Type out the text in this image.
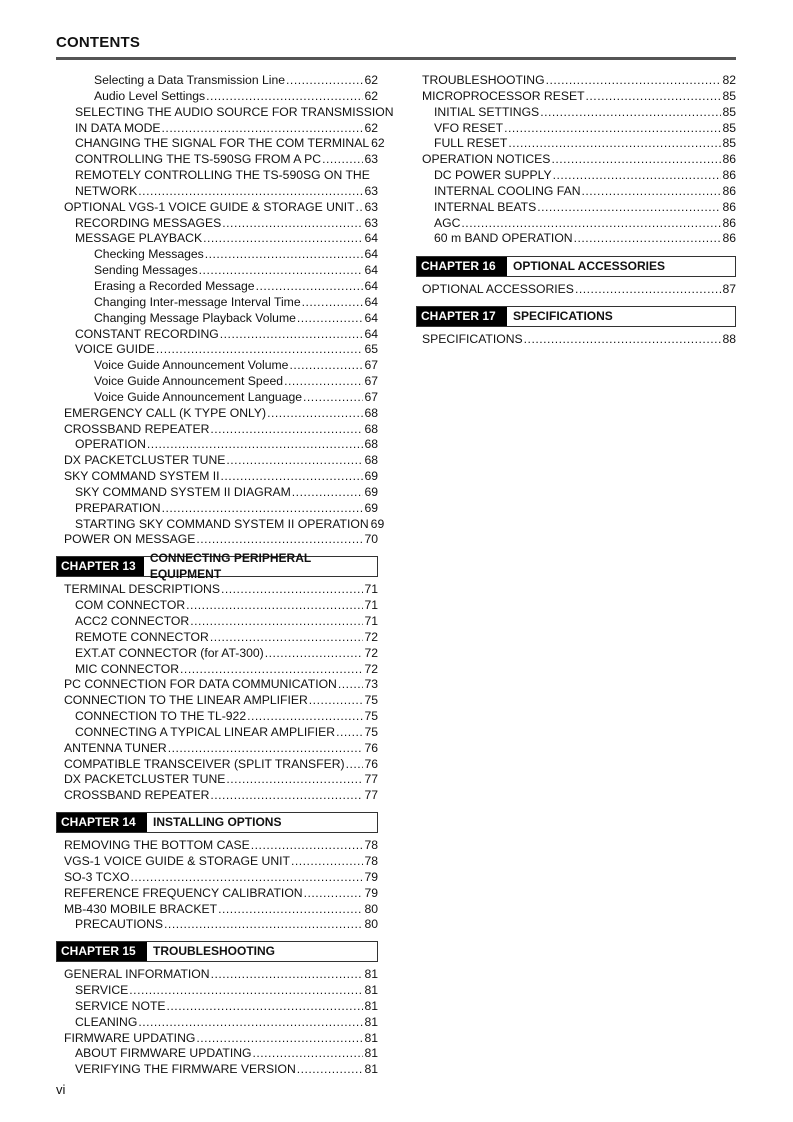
CONTENTS
Selecting a Data Transmission Line .....	62
Audio Level Settings .....	62
SELECTING THE AUDIO SOURCE FOR TRANSMISSION
IN DATA MODE .....	62
CHANGING THE SIGNAL FOR THE COM TERMINAL 62
CONTROLLING THE TS-590SG FROM A PC .....	63
REMOTELY CONTROLLING THE TS-590SG ON THE
NETWORK .....	63
OPTIONAL VGS-1 VOICE GUIDE & STORAGE UNIT ..... 63
RECORDING MESSAGES .....	63
MESSAGE PLAYBACK .....	64
Checking Messages .....	64
Sending Messages .....	64
Erasing a Recorded Message .....	64
Changing Inter-message Interval Time .....	64
Changing Message Playback Volume .....	64
CONSTANT RECORDING .....	64
VOICE GUIDE .....	65
Voice Guide Announcement Volume .....	67
Voice Guide Announcement Speed .....	67
Voice Guide Announcement Language .....	67
EMERGENCY CALL (K TYPE ONLY) .....	68
CROSSBAND REPEATER .....	68
OPERATION .....	68
DX PACKETCLUSTER TUNE .....	68
SKY COMMAND SYSTEM II .....	69
SKY COMMAND SYSTEM II DIAGRAM .....	69
PREPARATION .....	69
STARTING SKY COMMAND SYSTEM II OPERATION 69
POWER ON MESSAGE .....	70
CHAPTER 13
CONNECTING PERIPHERAL EQUIPMENT
TERMINAL DESCRIPTIONS .....	71
COM CONNECTOR .....	71
ACC2 CONNECTOR .....	71
REMOTE CONNECTOR .....	72
EXT.AT CONNECTOR (for AT-300) .....	72
MIC CONNECTOR .....	72
PC CONNECTION FOR DATA COMMUNICATION ..... 73
CONNECTION TO THE LINEAR AMPLIFIER .....	75
CONNECTION TO THE TL-922 .....	75
CONNECTING A TYPICAL LINEAR AMPLIFIER ..... 75
ANTENNA TUNER .....	76
COMPATIBLE TRANSCEIVER (SPLIT TRANSFER) ..... 76
DX PACKETCLUSTER TUNE .....	77
CROSSBAND REPEATER .....	77
CHAPTER 14	INSTALLING OPTIONS
REMOVING THE BOTTOM CASE .....	78
VGS-1 VOICE GUIDE & STORAGE UNIT .....	78
SO-3 TCXO .....	79
REFERENCE FREQUENCY CALIBRATION .....	79
MB-430 MOBILE BRACKET .....	80
PRECAUTIONS .....	80
CHAPTER 15	TROUBLESHOOTING
GENERAL INFORMATION .....	81
SERVICE .....	81
SERVICE NOTE .....	81
CLEANING .....	81
FIRMWARE UPDATING .....	81
ABOUT FIRMWARE UPDATING .....	81
VERIFYING THE FIRMWARE VERSION .....	81
TROUBLESHOOTING .....	82
MICROPROCESSOR RESET .....	85
INITIAL SETTINGS .....	85
VFO RESET .....	85
FULL RESET .....	85
OPERATION NOTICES .....	86
DC POWER SUPPLY .....	86
INTERNAL COOLING FAN .....	86
INTERNAL BEATS .....	86
AGC .....	86
60 m BAND OPERATION .....	86
CHAPTER 16	OPTIONAL ACCESSORIES
OPTIONAL ACCESSORIES .....	87
CHAPTER 17	SPECIFICATIONS
SPECIFICATIONS .....	88
vi
